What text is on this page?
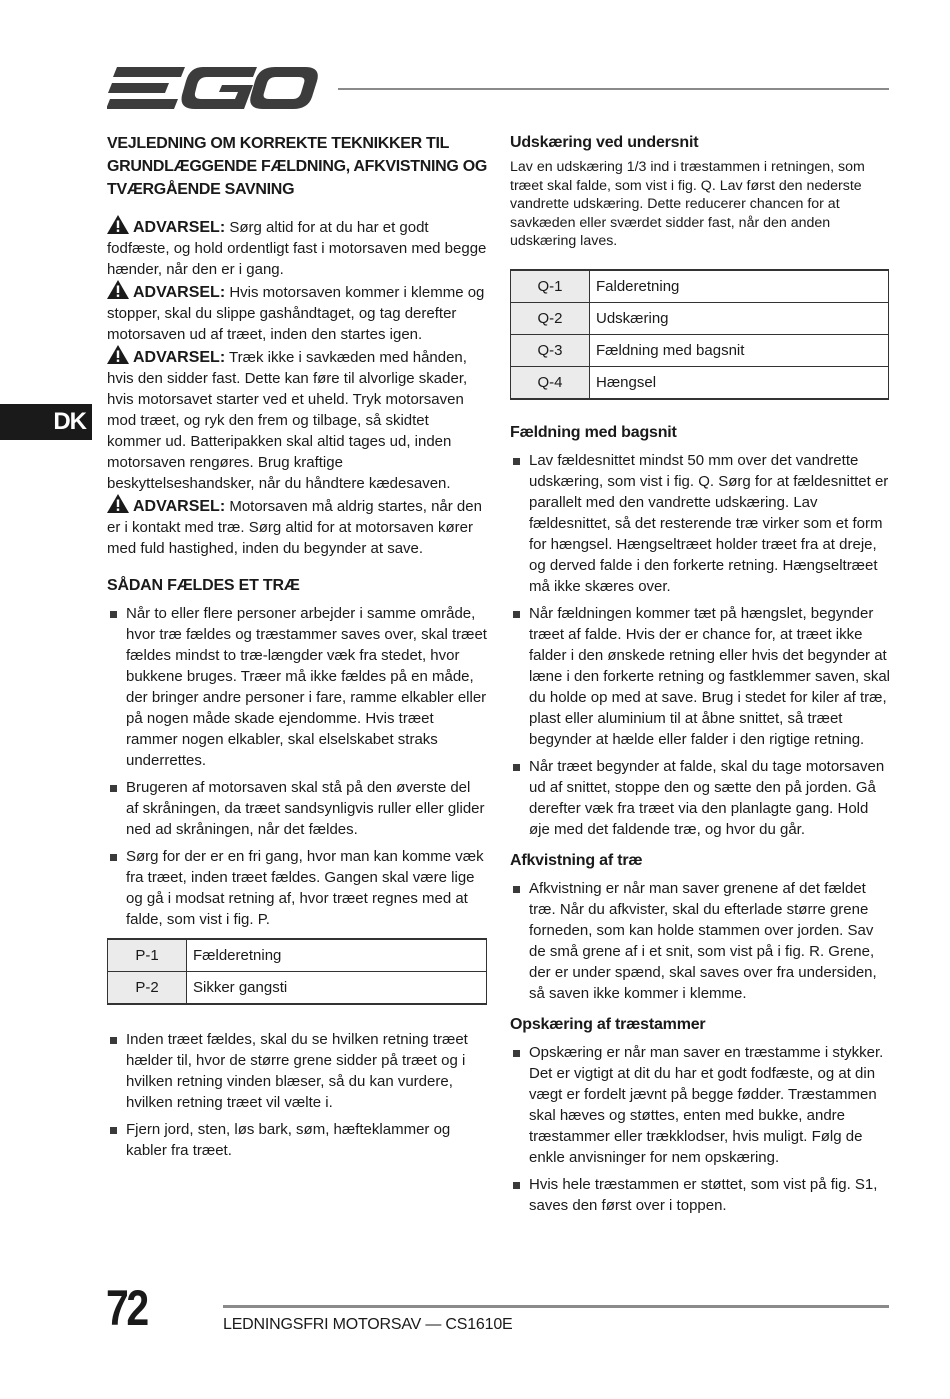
DK
VEJLEDNING OM KORREKTE TEKNIKKER TIL GRUNDLÆGGENDE FÆLDNING, AFKVISTNING OG TVÆRGÅENDE SAVNING

ADVARSEL: Sørg altid for at du har et godt fodfæste, og hold ordentligt fast i motorsaven med begge hænder, når den er i gang.

ADVARSEL: Hvis motorsaven kommer i klemme og stopper, skal du slippe gashåndtaget, og tag derefter motorsaven ud af træet, inden den startes igen.

ADVARSEL: Træk ikke i savkæden med hånden, hvis den sidder fast. Dette kan føre til alvorlige skader, hvis motorsavet starter ved et uheld. Tryk motorsaven mod træet, og ryk den frem og tilbage, så skidtet kommer ud. Batteripakken skal altid tages ud, inden motorsaven rengøres. Brug kraftige beskyttelseshandsker, når du håndtere kædesaven.

ADVARSEL: Motorsaven må aldrig startes, når den er i kontakt med træ. Sørg altid for at motorsaven kører med fuld hastighed, inden du begynder at save.

SÅDAN FÆLDES ET TRÆ
Når to eller flere personer arbejder i samme område, hvor træ fældes og træstammer saves over, skal træet fældes mindst to træ-længder væk fra stedet, hvor bukkene bruges. Træer må ikke fældes på en måde, der bringer andre personer i fare, ramme elkabler eller på nogen måde skade ejendomme. Hvis træet rammer nogen elkabler, skal elselskabet straks underrettes.
Brugeren af motorsaven skal stå på den øverste del af skråningen, da træet sandsynligvis ruller eller glider ned ad skråningen, når det fældes.
Sørg for der er en fri gang, hvor man kan komme væk fra træet, inden træet fældes. Gangen skal være lige og gå i modsat retning af, hvor træet regnes med at falde, som vist i fig. P.
P-1	Fælderetning
P-2	Sikker gangsti
Inden træet fældes, skal du se hvilken retning træet hælder til, hvor de større grene sidder på træet og i hvilken retning vinden blæser, så du kan vurdere, hvilken retning træet vil vælte i.
Fjern jord, sten, løs bark, søm, hæfteklammer og kabler fra træet.
Udskæring ved undersnit

Lav en udskæring 1/3 ind i træstammen i retningen, som træet skal falde, som vist i fig. Q. Lav først den nederste vandrette udskæring. Dette reducerer chancen for at savkæden eller sværdet sidder fast, når den anden udskæring laves.

Q-1	Falderetning
Q-2	Udskæring
Q-3	Fældning med bagsnit
Q-4	Hængsel
Fældning med bagsnit
Lav fældesnittet mindst 50 mm over det vandrette udskæring, som vist i fig. Q. Sørg for at fældesnittet er parallelt med den vandrette udskæring. Lav fældesnittet, så det resterende træ virker som et form for hængsel. Hængseltræet holder træet fra at dreje, og derved falde i den forkerte retning. Hængseltræet må ikke skæres over.
Når fældningen kommer tæt på hængslet, begynder træet af falde. Hvis der er chance for, at træet ikke falder i den ønskede retning eller hvis det begynder at læne i den forkerte retning og fastklemmer saven, skal du holde op med at save. Brug i stedet for kiler af træ, plast eller aluminium til at åbne snittet, så træet begynder at hælde eller falder i den rigtige retning.
Når træet begynder at falde, skal du tage motorsaven ud af snittet, stoppe den og sætte den på jorden. Gå derefter væk fra træet via den planlagte gang. Hold øje med det faldende træ, og hvor du går.
Afkvistning af træ
Afkvistning er når man saver grenene af det fældet træ. Når du afkvister, skal du efterlade større grene forneden, som kan holde stammen over jorden. Sav de små grene af i et snit, som vist på i fig. R. Grene, der er under spænd, skal saves over fra undersiden, så saven ikke kommer i klemme.
Opskæring af træstammer
Opskæring er når man saver en træstamme i stykker. Det er vigtigt at dit du har et godt fodfæste, og at din vægt er fordelt jævnt på begge fødder. Træstammen skal hæves og støttes, enten med bukke, andre træstammer eller trækklodser, hvis muligt. Følg de enkle anvisninger for nem opskæring.
Hvis hele træstammen er støttet, som vist på fig. S1, saves den først over i toppen.
72	LEDNINGSFRI MOTORSAV — CS1610E
